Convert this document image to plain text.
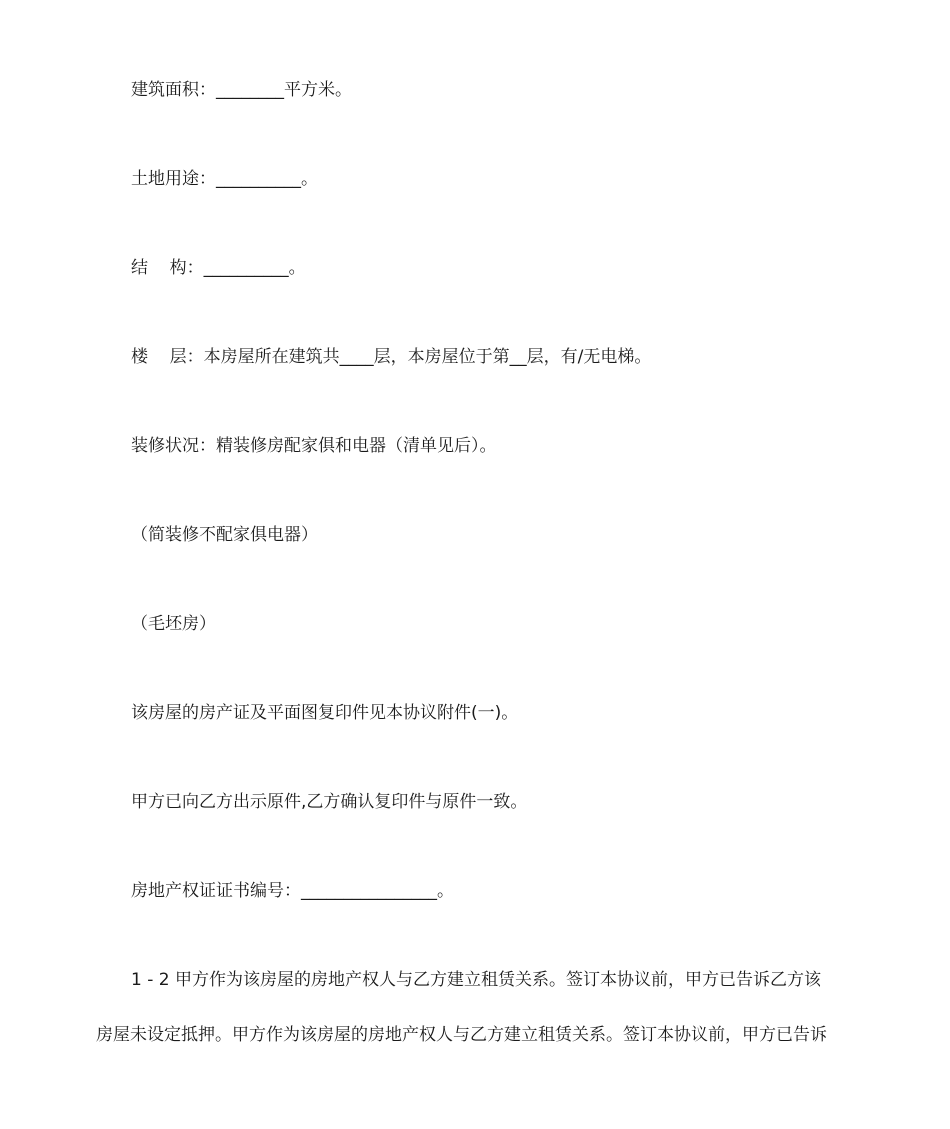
建筑面积：________平方米。
土地用途：__________。
结    构：__________。
楼    层：本房屋所在建筑共____层，本房屋位于第__层，有/无电梯。
装修状况：精装修房配家俱和电器（清单见后）。
（简装修不配家俱电器）
（毛坯房）
该房屋的房产证及平面图复印件见本协议附件(一)。
甲方已向乙方出示原件,乙方确认复印件与原件一致。
房地产权证证书编号：________________。
1 - 2 甲方作为该房屋的房地产权人与乙方建立租赁关系。签订本协议前，甲方已告诉乙方该
房屋未设定抵押。甲方作为该房屋的房地产权人与乙方建立租赁关系。签订本协议前，甲方已告诉
